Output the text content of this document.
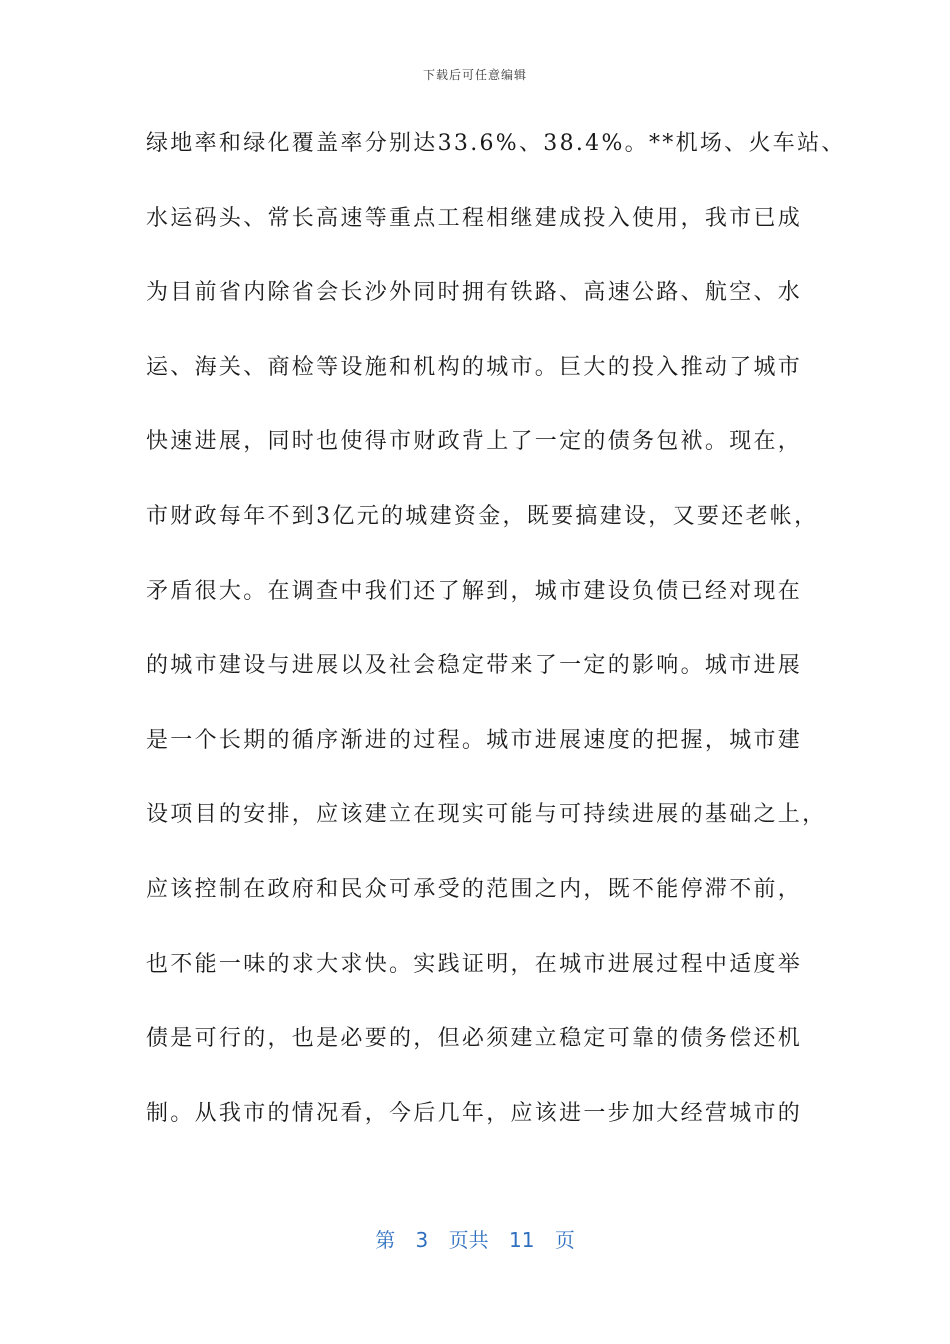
下载后可任意编辑
绿地率和绿化覆盖率分别达33.6%、38.4%。**机场、火车站、
水运码头、常长高速等重点工程相继建成投入使用，我市已成
为目前省内除省会长沙外同时拥有铁路、高速公路、航空、水
运、海关、商检等设施和机构的城市。巨大的投入推动了城市
快速进展，同时也使得市财政背上了一定的债务包袱。现在，
市财政每年不到3亿元的城建资金，既要搞建设，又要还老帐，
矛盾很大。在调查中我们还了解到，城市建设负债已经对现在
的城市建设与进展以及社会稳定带来了一定的影响。城市进展
是一个长期的循序渐进的过程。城市进展速度的把握，城市建
设项目的安排，应该建立在现实可能与可持续进展的基础之上，
应该控制在政府和民众可承受的范围之内，既不能停滞不前，
也不能一味的求大求快。实践证明，在城市进展过程中适度举
债是可行的，也是必要的，但必须建立稳定可靠的债务偿还机
制。从我市的情况看，今后几年，应该进一步加大经营城市的
第 3 页共 11 页
